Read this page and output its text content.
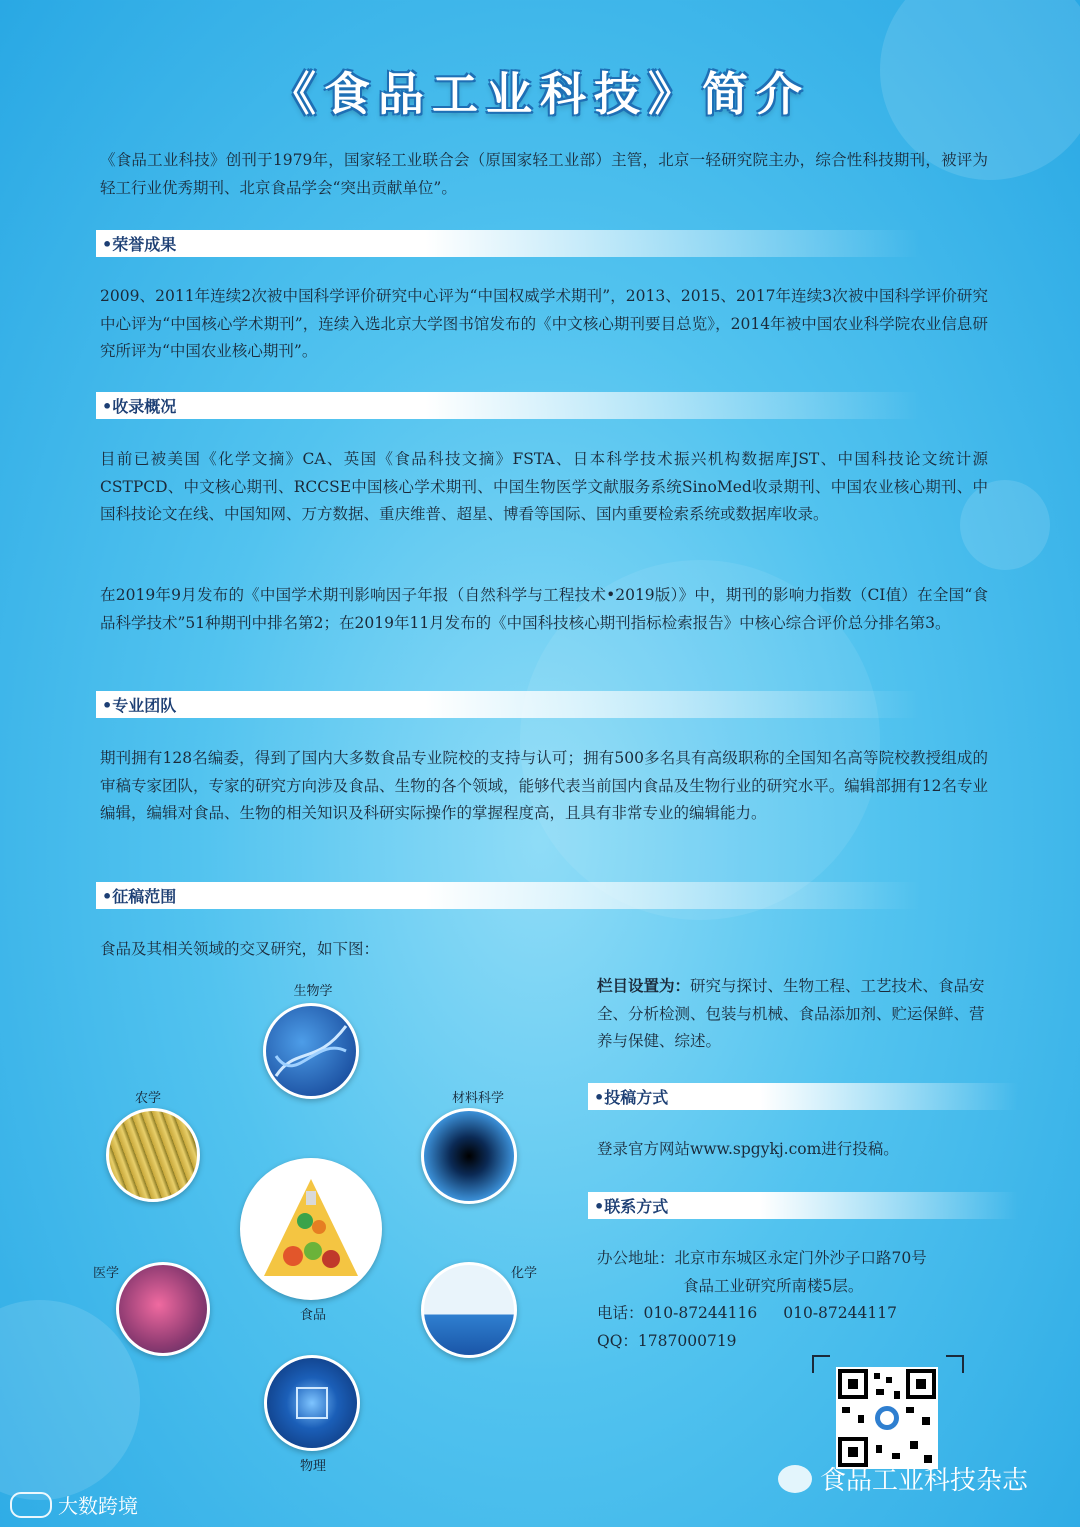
《食品工业科技》简介

《食品工业科技》创刊于1979年，国家轻工业联合会（原国家轻工业部）主管，北京一轻研究院主办，综合性科技期刊，被评为轻工行业优秀期刊、北京食品学会“突出贡献单位”。

•荣誉成果

2009、2011年连续2次被中国科学评价研究中心评为“中国权威学术期刊”，2013、2015、2017年连续3次被中国科学评价研究中心评为“中国核心学术期刊”，连续入选北京大学图书馆发布的《中文核心期刊要目总览》，2014年被中国农业科学院农业信息研究所评为“中国农业核心期刊”。

•收录概况

目前已被美国《化学文摘》CA、英国《食品科技文摘》FSTA、日本科学技术振兴机构数据库JST、中国科技论文统计源CSTPCD、中文核心期刊、RCCSE中国核心学术期刊、中国生物医学文献服务系统SinoMed收录期刊、中国农业核心期刊、中国科技论文在线、中国知网、万方数据、重庆维普、超星、博看等国际、国内重要检索系统或数据库收录。

在2019年9月发布的《中国学术期刊影响因子年报（自然科学与工程技术•2019版）》中，期刊的影响力指数（CI值）在全国“食品科学技术”51种期刊中排名第2；在2019年11月发布的《中国科技核心期刊指标检索报告》中核心综合评价总分排名第3。

•专业团队

期刊拥有128名编委，得到了国内大多数食品专业院校的支持与认可；拥有500多名具有高级职称的全国知名高等院校教授组成的审稿专家团队，专家的研究方向涉及食品、生物的各个领域，能够代表当前国内食品及生物行业的研究水平。编辑部拥有12名专业编辑，编辑对食品、生物的相关知识及科研实际操作的掌握程度高，且具有非常专业的编辑能力。

•征稿范围

食品及其相关领域的交叉研究，如下图：

生物学
农学	材料科学
食品
医学	化学
物理
栏目设置为：研究与探讨、生物工程、工艺技术、食品安全、分析检测、包装与机械、食品添加剂、贮运保鲜、营养与保健、综述。
•投稿方式
登录官方网站www.spgykj.com进行投稿。
•联系方式
办公地址：北京市东城区永定门外沙子口路70号
食品工业研究所南楼5层。
电话：010-87244116 010-87244117
QQ：1787000719
食品工业科技杂志
大数跨境
